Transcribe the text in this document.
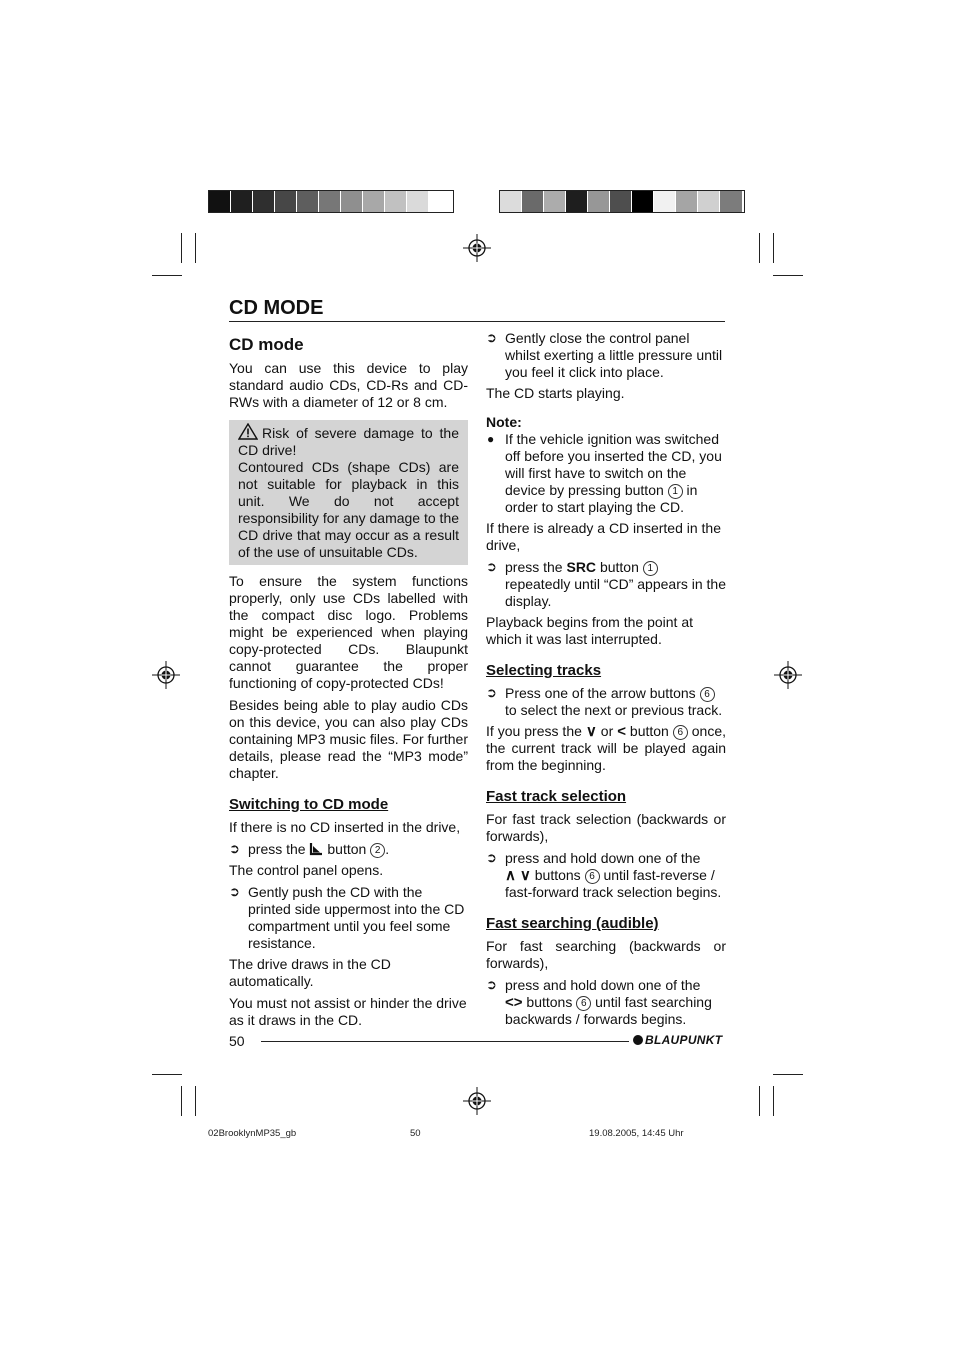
CD MODE
CD mode

You can use this device to play standard audio CDs, CD-Rs and CD-RWs with a diameter of 12 or 8 cm.

Risk of severe damage to the CD drive!
Contoured CDs (shape CDs) are not suitable for playback in this unit. We do not accept responsibility for any damage to the CD drive that may occur as a result of the use of unsuitable CDs.

To ensure the system functions properly, only use CDs labelled with the compact disc logo. Problems might be experienced when playing copy-protected CDs. Blaupunkt cannot guarantee the proper functioning of copy-protected CDs!

Besides being able to play audio CDs on this device, you can also play CDs containing MP3 music files. For further details, please read the “MP3 mode” chapter.

Switching to CD mode

If there is no CD inserted in the drive,

➲ press the button 2 .

The control panel opens.

➲ Gently push the CD with the printed side uppermost into the CD compartment until you feel some resistance.

The drive draws in the CD automatically.

You must not assist or hinder the drive as it draws in the CD.

➲ Gently close the control panel whilst exerting a little pressure until you feel it click into place.

The CD starts playing.

Note:
● If the vehicle ignition was switched off before you inserted the CD, you will first have to switch on the device by pressing button 1 in order to start playing the CD.

If there is already a CD inserted in the drive,

➲ press the SRC button 1 repeatedly until “CD” appears in the display.

Playback begins from the point at which it was last interrupted.

Selecting tracks
➲ Press one of the arrow buttons 6 to select the next or previous track.

If you press the ∨ or < button 6 once, the current track will be played again from the beginning.

Fast track selection

For fast track selection (backwards or forwards),

➲ press and hold down one of the
∧ ∨ buttons 6 until fast-reverse / fast-forward track selection begins.
Fast searching (audible)

For fast searching (backwards or forwards),

➲ press and hold down one of the
<> buttons 6 until fast searching backwards / forwards begins.
50	BLAUPUNKT
02BrooklynMP35_gb	50	19.08.2005, 14:45 Uhr
